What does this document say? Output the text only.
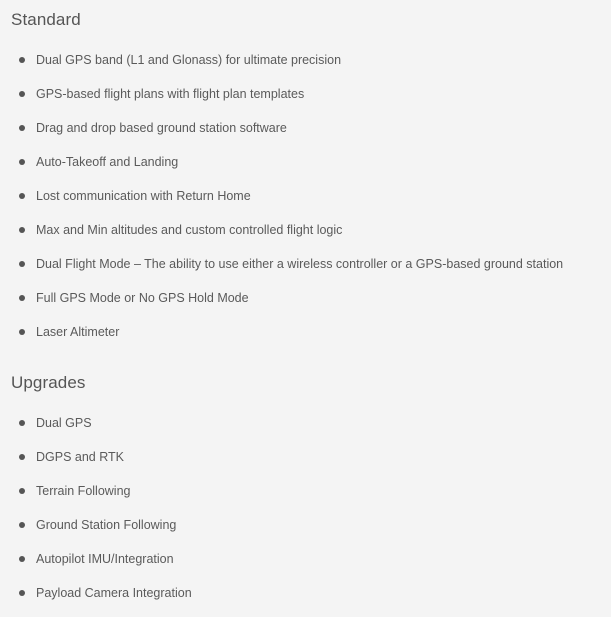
Standard
Dual GPS band (L1 and Glonass) for ultimate precision
GPS-based flight plans with flight plan templates
Drag and drop based ground station software
Auto-Takeoff and Landing
Lost communication with Return Home
Max and Min altitudes and custom controlled flight logic
Dual Flight Mode – The ability to use either a wireless controller or a GPS-based ground station
Full GPS Mode or No GPS Hold Mode
Laser Altimeter
Upgrades
Dual GPS
DGPS and RTK
Terrain Following
Ground Station Following
Autopilot IMU/Integration
Payload Camera Integration
